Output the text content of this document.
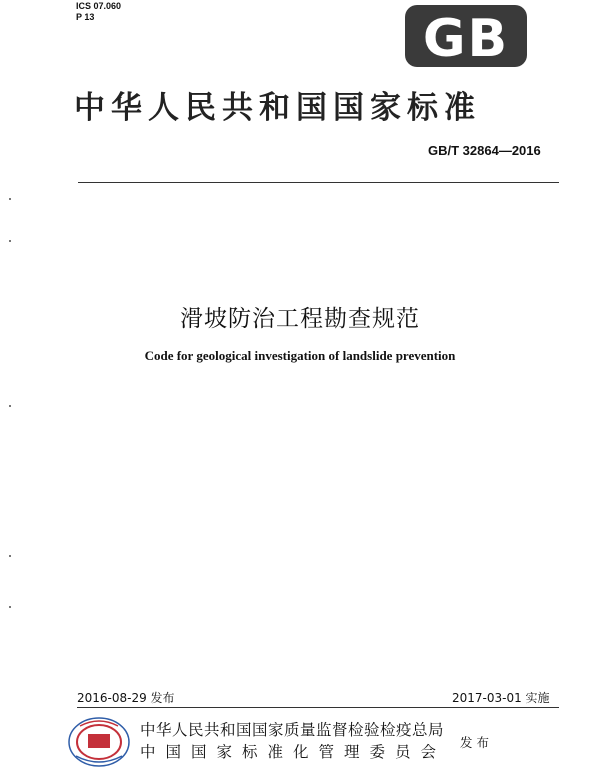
ICS 07.060
P 13	GB
中华人民共和国国家标准
GB/T 32864—2016
滑坡防治工程勘查规范
Code for geological investigation of landslide prevention
2016-08-29 发布	2017-03-01 实施
中华人民共和国国家质量监督检验检疫总局
中国国家标准化管理委员会
发布
